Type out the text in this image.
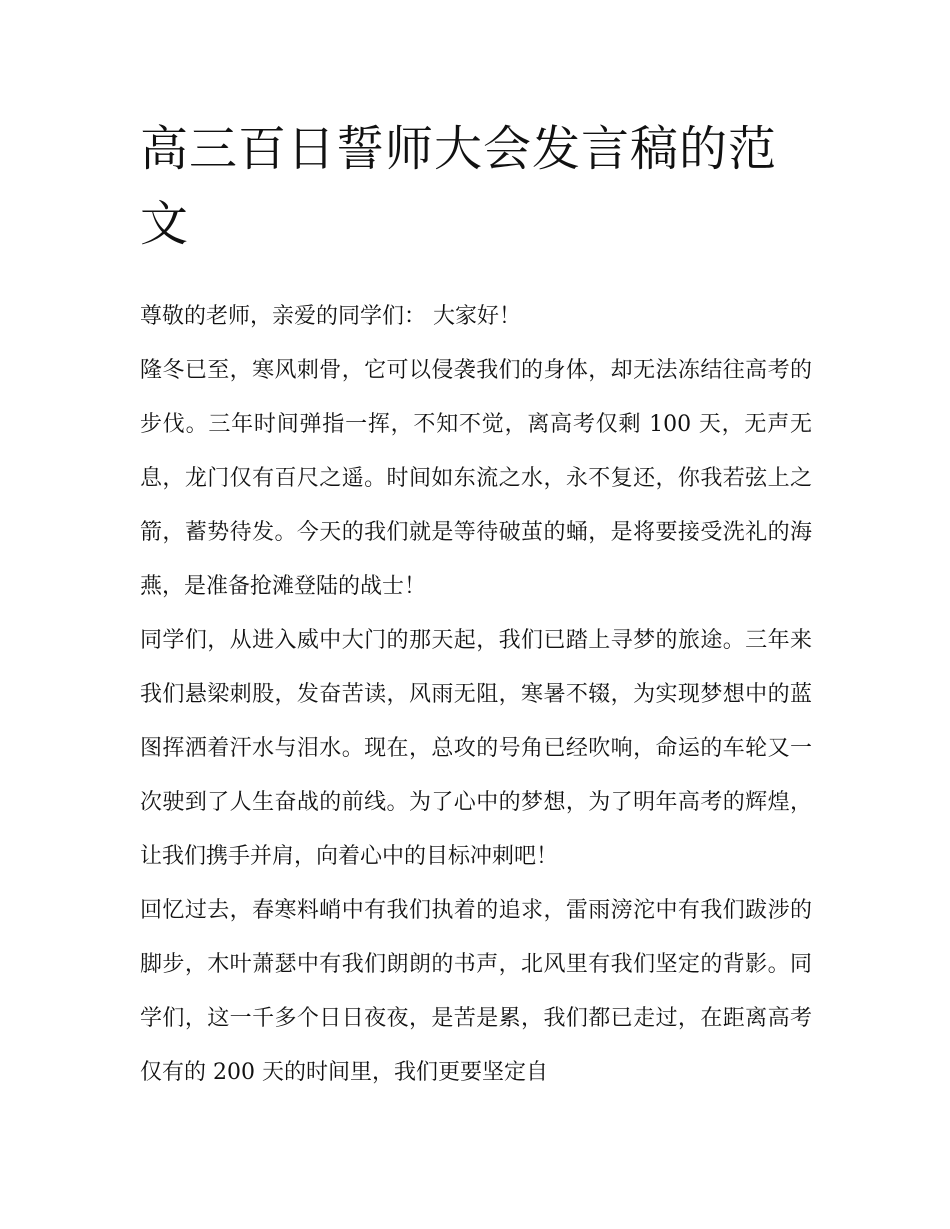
高三百日誓师大会发言稿的范文

尊敬的老师，亲爱的同学们： 大家好！

隆冬已至，寒风刺骨，它可以侵袭我们的身体，却无法冻结往高考的步伐。三年时间弹指一挥，不知不觉，离高考仅剩 100 天，无声无息，龙门仅有百尺之遥。时间如东流之水，永不复还，你我若弦上之箭，蓄势待发。今天的我们就是等待破茧的蛹，是将要接受洗礼的海燕，是准备抢滩登陆的战士！

同学们，从进入威中大门的那天起，我们已踏上寻梦的旅途。三年来我们悬梁刺股，发奋苦读，风雨无阻，寒暑不辍，为实现梦想中的蓝图挥洒着汗水与泪水。现在，总攻的号角已经吹响，命运的车轮又一次驶到了人生奋战的前线。为了心中的梦想，为了明年高考的辉煌，让我们携手并肩，向着心中的目标冲刺吧！

回忆过去，春寒料峭中有我们执着的追求，雷雨滂沱中有我们跋涉的脚步，木叶萧瑟中有我们朗朗的书声，北风里有我们坚定的背影。同学们，这一千多个日日夜夜，是苦是累，我们都已走过，在距离高考仅有的 200 天的时间里，我们更要坚定自
